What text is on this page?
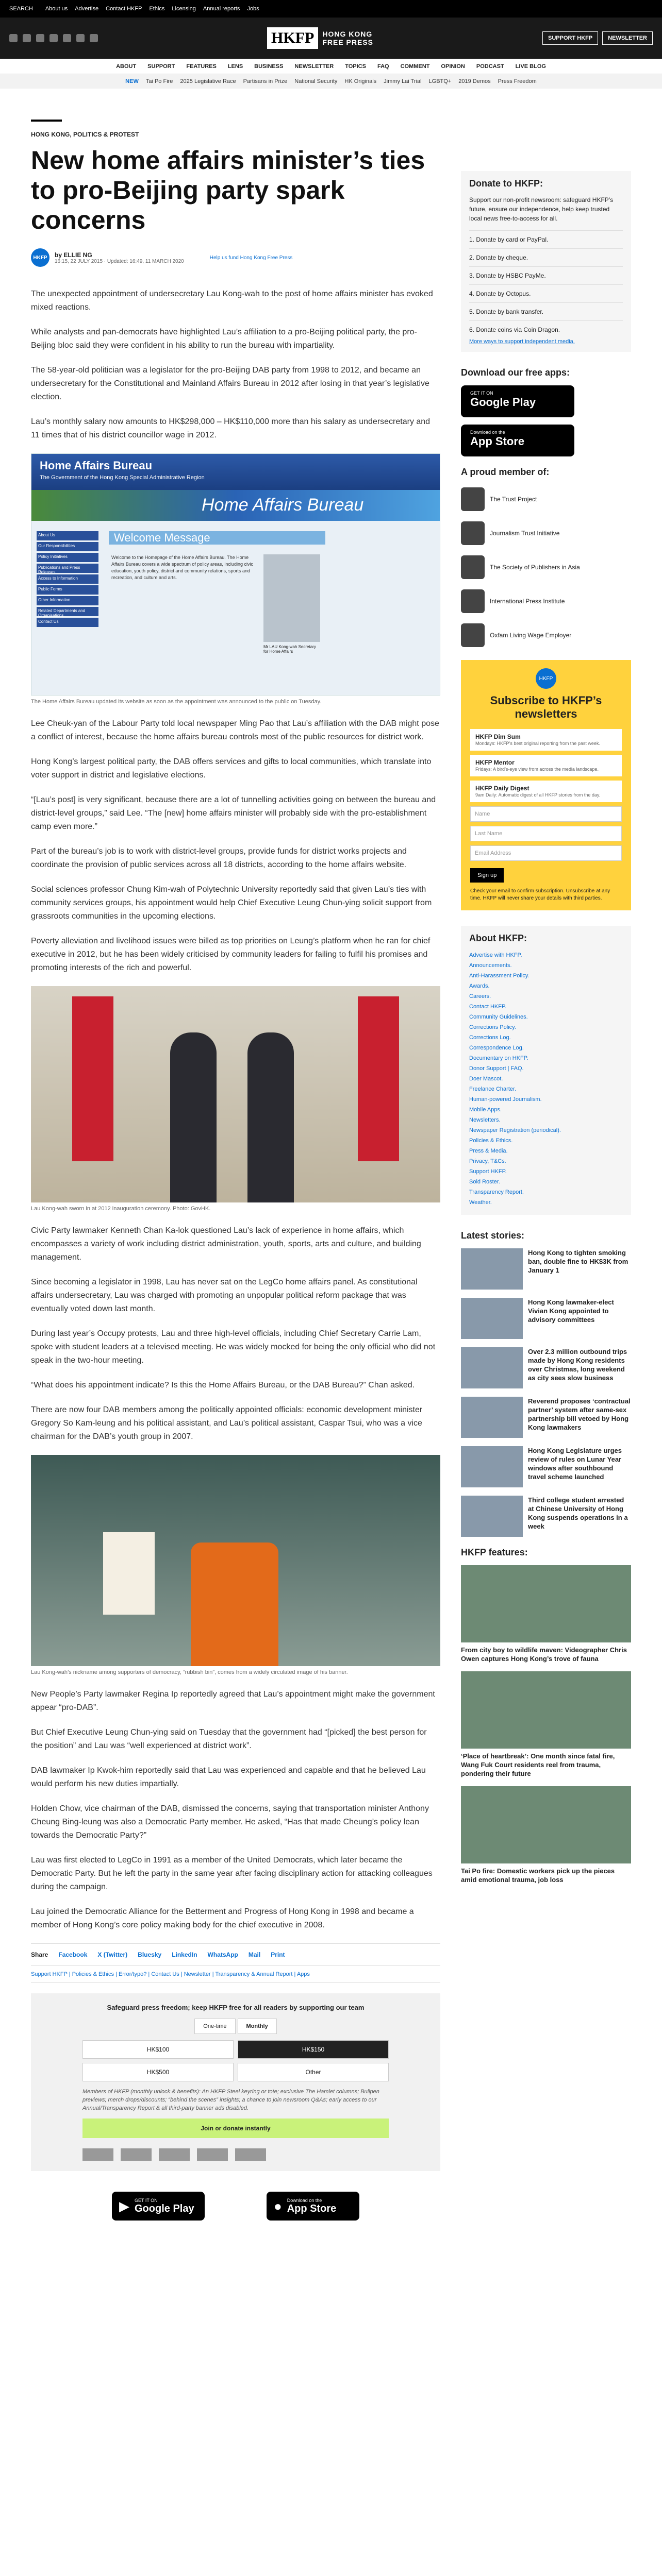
SEARCH About us Advertise Contact HKFP Ethics Licensing Annual reports Jobs
HKFP	HONG KONG
FREE PRESS	SUPPORT HKFP	NEWSLETTER
ABOUT SUPPORT FEATURES LENS BUSINESS NEWSLETTER TOPICS FAQ COMMENT OPINION PODCAST LIVE BLOG
NEW Tai Po Fire 2025 Legislative Race Partisans in Prize National Security HK Originals Jimmy Lai Trial LGBTQ+ 2019 Demos Press Freedom
HONG KONG, POLITICS & PROTEST
New home affairs minister’s ties to pro-Beijing party spark concerns
HKFP	by ELLIE NG
16:15, 22 JULY 2015 · Updated: 16:49, 11 MARCH 2020
Help us fund Hong Kong Free Press

The unexpected appointment of undersecretary Lau Kong-wah to the post of home affairs minister has evoked mixed reactions.

While analysts and pan-democrats have highlighted Lau’s affiliation to a pro-Beijing political party, the pro-Beijing bloc said they were confident in his ability to run the bureau with impartiality.

The 58-year-old politician was a legislator for the pro-Beijing DAB party from 1998 to 2012, and became an undersecretary for the Constitutional and Mainland Affairs Bureau in 2012 after losing in that year’s legislative election.

Lau’s monthly salary now amounts to HK$298,000 – HK$110,000 more than his salary as undersecretary and 11 times that of his district councillor wage in 2012.

Home Affairs Bureau
The Government of the Hong Kong Special Administrative Region
Home Affairs Bureau
About Us
Our Responsibilities
Policy Initiatives
Publications and Press Releases
Access to Information
Public Forms
Other Information
Related Departments and Organisations
Contact Us
Welcome Message
Welcome to the Homepage of the Home Affairs Bureau. The Home Affairs Bureau covers a wide spectrum of policy areas, including civic education, youth policy, district and community relations, sports and recreation, and culture and arts.
Mr LAU Kong-wah Secretary for Home Affairs
The Home Affairs Bureau updated its website as soon as the appointment was announced to the public on Tuesday.

Lee Cheuk-yan of the Labour Party told local newspaper Ming Pao that Lau’s affiliation with the DAB might pose a conflict of interest, because the home affairs bureau controls most of the public resources for district work.

Hong Kong’s largest political party, the DAB offers services and gifts to local communities, which translate into voter support in district and legislative elections.

“[Lau’s post] is very significant, because there are a lot of tunnelling activities going on between the bureau and district-level groups,” said Lee. “The [new] home affairs minister will probably side with the pro-establishment camp even more.”

Part of the bureau’s job is to work with district-level groups, provide funds for district works projects and coordinate the provision of public services across all 18 districts, according to the home affairs website.

Social sciences professor Chung Kim-wah of Polytechnic University reportedly said that given Lau’s ties with community services groups, his appointment would help Chief Executive Leung Chun-ying solicit support from grassroots communities in the upcoming elections.

Poverty alleviation and livelihood issues were billed as top priorities on Leung’s platform when he ran for chief executive in 2012, but he has been widely criticised by community leaders for failing to fulfil his promises and promoting interests of the rich and powerful.

Lau Kong-wah sworn in at 2012 inauguration ceremony. Photo: GovHK.

Civic Party lawmaker Kenneth Chan Ka-lok questioned Lau’s lack of experience in home affairs, which encompasses a variety of work including district administration, youth, sports, arts and culture, and building management.

Since becoming a legislator in 1998, Lau has never sat on the LegCo home affairs panel. As constitutional affairs undersecretary, Lau was charged with promoting an unpopular political reform package that was eventually voted down last month.

During last year’s Occupy protests, Lau and three high-level officials, including Chief Secretary Carrie Lam, spoke with student leaders at a televised meeting. He was widely mocked for being the only official who did not speak in the two-hour meeting.

“What does his appointment indicate? Is this the Home Affairs Bureau, or the DAB Bureau?” Chan asked.

There are now four DAB members among the politically appointed officials: economic development minister Gregory So Kam-leung and his political assistant, and Lau’s political assistant, Caspar Tsui, who was a vice chairman for the DAB’s youth group in 2007.

Lau Kong-wah’s nickname among supporters of democracy, “rubbish bin”, comes from a widely circulated image of his banner.

New People’s Party lawmaker Regina Ip reportedly agreed that Lau’s appointment might make the government appear “pro-DAB”.

But Chief Executive Leung Chun-ying said on Tuesday that the government had “[picked] the best person for the position” and Lau was “well experienced at district work”.

DAB lawmaker Ip Kwok-him reportedly said that Lau was experienced and capable and that he believed Lau would perform his new duties impartially.

Holden Chow, vice chairman of the DAB, dismissed the concerns, saying that transportation minister Anthony Cheung Bing-leung was also a Democratic Party member. He asked, “Has that made Cheung’s policy lean towards the Democratic Party?”

Lau was first elected to LegCo in 1991 as a member of the United Democrats, which later became the Democratic Party. But he left the party in the same year after facing disciplinary action for attacking colleagues during the campaign.

Lau joined the Democratic Alliance for the Betterment and Progress of Hong Kong in 1998 and became a member of Hong Kong’s core policy making body for the chief executive in 2008.

Share Facebook X (Twitter) Bluesky LinkedIn WhatsApp Mail Print
Support HKFP | Policies & Ethics | Error/typo? | Contact Us | Newsletter | Transparency & Annual Report | Apps
Safeguard press freedom; keep HKFP free for all readers by supporting our team
One-time	Monthly
HK$100	HK$150
HK$500	Other
Members of HKFP (monthly unlock & benefits): An HKFP Steel keyring or tote; exclusive The Hamlet columns; Bullpen previews; merch drops/discounts; “behind the scenes” insights; a chance to join newsroom Q&As; early access to our Annual/Transparency Report & all third-party banner ads disabled.
Join or donate instantly
▶ GET IT ON
Google Play	● Download on the
App Store
Donate to HKFP:

Support our non-profit newsroom: safeguard HKFP’s future, ensure our independence, help keep trusted local news free-to-access for all.

1. Donate by card or PayPal.
2. Donate by cheque.
3. Donate by HSBC PayMe.
4. Donate by Octopus.
5. Donate by bank transfer.
6. Donate coins via Coin Dragon.
More ways to support independent media.
Download our free apps:
GET IT ON
Google Play
Download on the
App Store
A proud member of:
The Trust Project
Journalism Trust Initiative
The Society of Publishers in Asia
International Press Institute
Oxfam Living Wage Employer
HKFP
Subscribe to HKFP’s newsletters
HKFP Dim Sum
Mondays: HKFP’s best original reporting from the past week.
HKFP Mentor
Fridays: A bird’s-eye view from across the media landscape.
HKFP Daily Digest
9am Daily: Automatic digest of all HKFP stories from the day.
Name
Last Name
Email Address
Sign up
Check your email to confirm subscription. Unsubscribe at any time. HKFP will never share your details with third parties.
About HKFP:
Advertise with HKFP.
Announcements.
Anti-Harassment Policy.
Awards.
Careers.
Contact HKFP.
Community Guidelines.
Corrections Policy.
Corrections Log.
Correspondence Log.
Documentary on HKFP.
Donor Support | FAQ.
Doer Mascot.
Freelance Charter.
Human-powered Journalism.
Mobile Apps.
Newsletters.
Newspaper Registration (periodical).
Policies & Ethics.
Press & Media.
Privacy, T&Cs.
Support HKFP.
Sold Roster.
Transparency Report.
Weather.
Latest stories:
Hong Kong to tighten smoking ban, double fine to HK$3K from January 1
Hong Kong lawmaker-elect Vivian Kong appointed to advisory committees
Over 2.3 million outbound trips made by Hong Kong residents over Christmas, long weekend as city sees slow business
Reverend proposes ‘contractual partner’ system after same-sex partnership bill vetoed by Hong Kong lawmakers
Hong Kong Legislature urges review of rules on Lunar Year windows after southbound travel scheme launched
Third college student arrested at Chinese University of Hong Kong suspends operations in a week
HKFP features:
From city boy to wildlife maven: Videographer Chris Owen captures Hong Kong’s trove of fauna
‘Place of heartbreak’: One month since fatal fire, Wang Fuk Court residents reel from trauma, pondering their future
Tai Po fire: Domestic workers pick up the pieces amid emotional trauma, job loss
